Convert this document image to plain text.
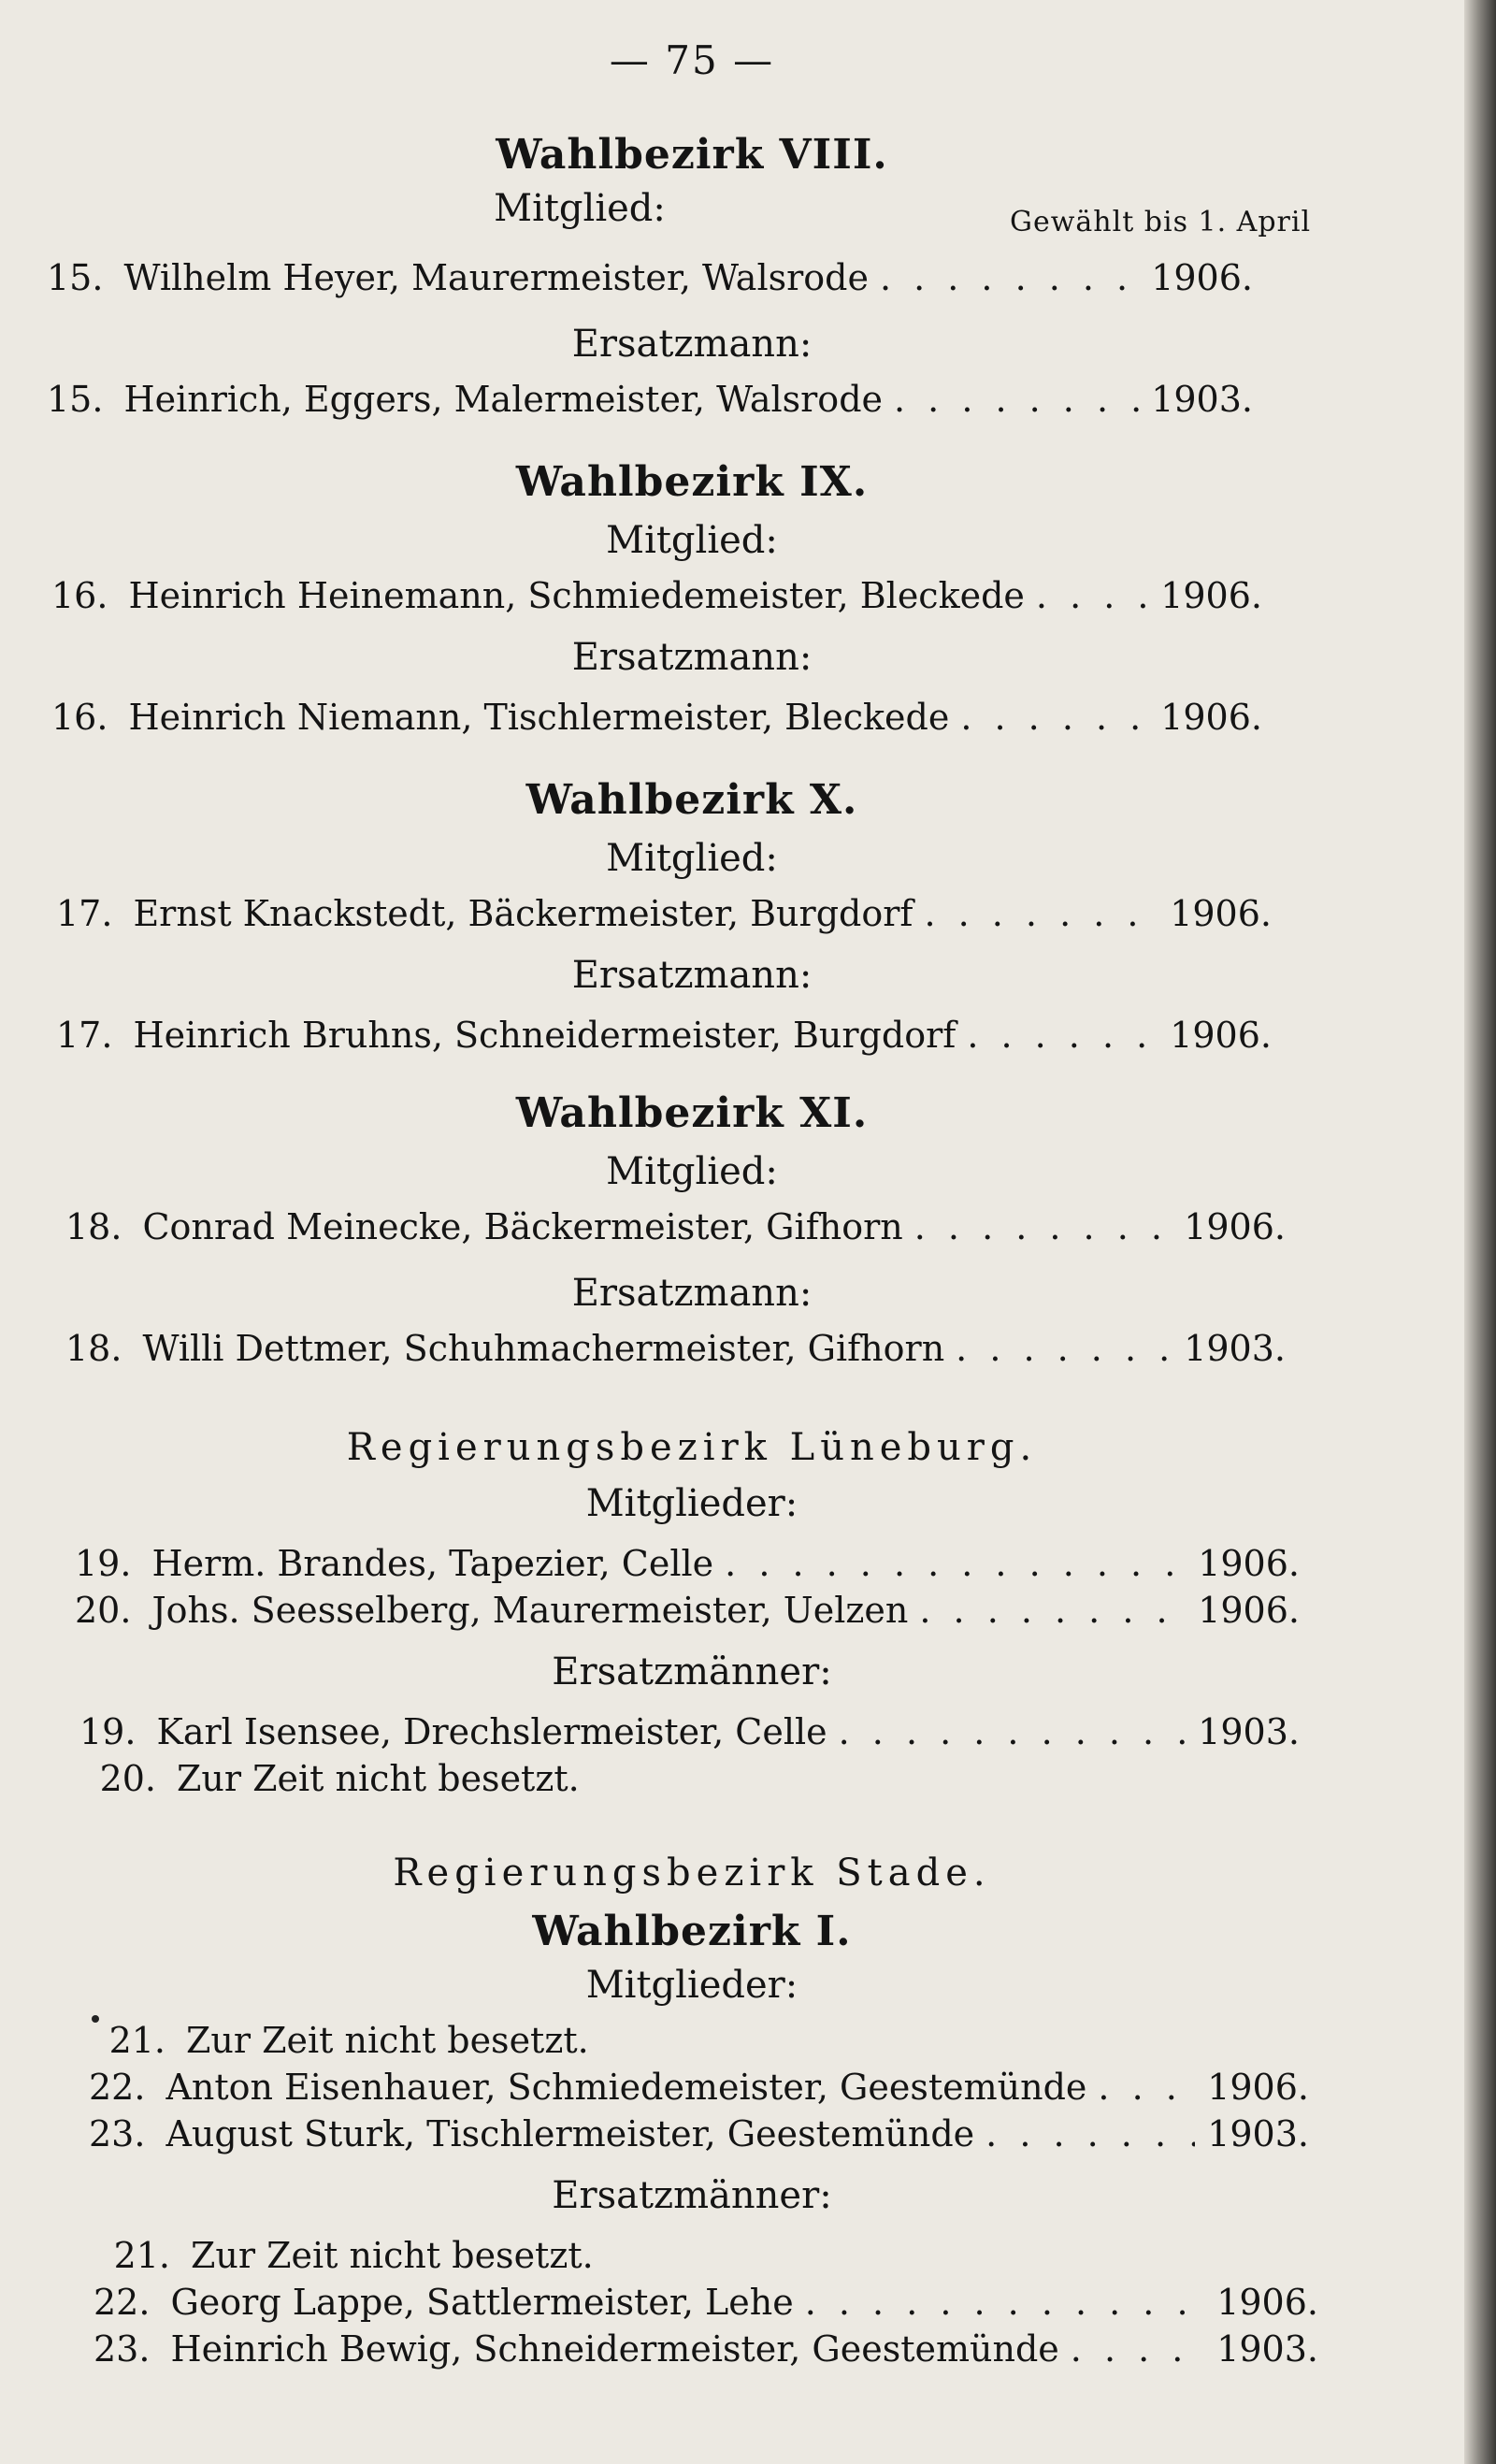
— 75 —
Wahlbezirk VIII.
Mitglied:	Gewählt bis 1. April
15. Wilhelm Heyer, Maurermeister, Walsrode . . .	1906.
Ersatzmann:
15. Heinrich, Eggers, Malermeister, Walsrode . . .	1903.
Wahlbezirk IX.
Mitglied:
16. Heinrich Heinemann, Schmiedemeister, Bleckede . . .	1906.
Ersatzmann:
16. Heinrich Niemann, Tischlermeister, Bleckede . . .	1906.
Wahlbezirk X.
Mitglied:
17. Ernst Knackstedt, Bäckermeister, Burgdorf . . .	1906.
Ersatzmann:
17. Heinrich Bruhns, Schneidermeister, Burgdorf . . .	1906.
Wahlbezirk XI.
Mitglied:
18. Conrad Meinecke, Bäckermeister, Gifhorn . . .	1906.
Ersatzmann:
18. Willi Dettmer, Schuhmachermeister, Gifhorn . . .	1903.
Regierungsbezirk Lüneburg.
Mitglieder:
19. Herm. Brandes, Tapezier, Celle . . .	1906.
20. Johs. Seesselberg, Maurermeister, Uelzen . . .	1906.
Ersatzmänner:
19. Karl Isensee, Drechslermeister, Celle . . .	1903.
20. Zur Zeit nicht besetzt.
Regierungsbezirk Stade.
Wahlbezirk I.
Mitglieder:
21. Zur Zeit nicht besetzt.
22. Anton Eisenhauer, Schmiedemeister, Geestemünde . . .	1906.
23. August Sturk, Tischlermeister, Geestemünde . . .	1903.
Ersatzmänner:
21. Zur Zeit nicht besetzt.
22. Georg Lappe, Sattlermeister, Lehe . . .	1906.
23. Heinrich Bewig, Schneidermeister, Geestemünde . . .	1903.
